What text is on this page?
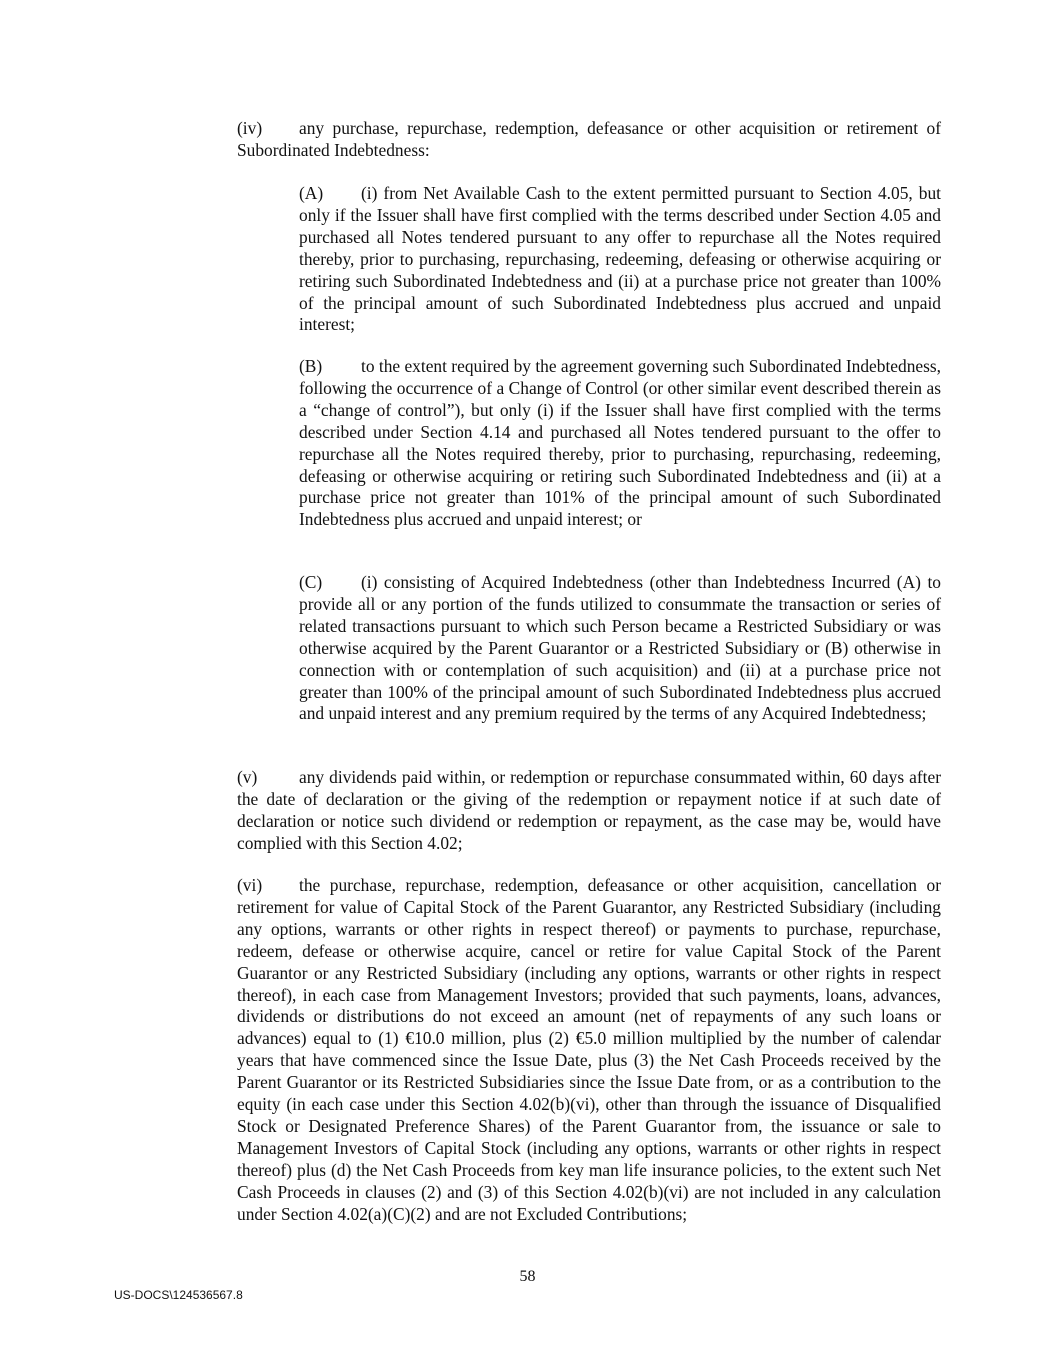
(iv) any purchase, repurchase, redemption, defeasance or other acquisition or retirement of Subordinated Indebtedness:

(A) (i) from Net Available Cash to the extent permitted pursuant to Section 4.05, but only if the Issuer shall have first complied with the terms described under Section 4.05 and purchased all Notes tendered pursuant to any offer to repurchase all the Notes required thereby, prior to purchasing, repurchasing, redeeming, defeasing or otherwise acquiring or retiring such Subordinated Indebtedness and (ii) at a purchase price not greater than 100% of the principal amount of such Subordinated Indebtedness plus accrued and unpaid interest;

(B) to the extent required by the agreement governing such Subordinated Indebtedness, following the occurrence of a Change of Control (or other similar event described therein as a “change of control”), but only (i) if the Issuer shall have first complied with the terms described under Section 4.14 and purchased all Notes tendered pursuant to the offer to repurchase all the Notes required thereby, prior to purchasing, repurchasing, redeeming, defeasing or otherwise acquiring or retiring such Subordinated Indebtedness and (ii) at a purchase price not greater than 101% of the principal amount of such Subordinated Indebtedness plus accrued and unpaid interest; or

(C) (i) consisting of Acquired Indebtedness (other than Indebtedness Incurred (A) to provide all or any portion of the funds utilized to consummate the transaction or series of related transactions pursuant to which such Person became a Restricted Subsidiary or was otherwise acquired by the Parent Guarantor or a Restricted Subsidiary or (B) otherwise in connection with or contemplation of such acquisition) and (ii) at a purchase price not greater than 100% of the principal amount of such Subordinated Indebtedness plus accrued and unpaid interest and any premium required by the terms of any Acquired Indebtedness;

(v) any dividends paid within, or redemption or repurchase consummated within, 60 days after the date of declaration or the giving of the redemption or repayment notice if at such date of declaration or notice such dividend or redemption or repayment, as the case may be, would have complied with this Section 4.02;

(vi) the purchase, repurchase, redemption, defeasance or other acquisition, cancellation or retirement for value of Capital Stock of the Parent Guarantor, any Restricted Subsidiary (including any options, warrants or other rights in respect thereof) or payments to purchase, repurchase, redeem, defease or otherwise acquire, cancel or retire for value Capital Stock of the Parent Guarantor or any Restricted Subsidiary (including any options, warrants or other rights in respect thereof), in each case from Management Investors; provided that such payments, loans, advances, dividends or distributions do not exceed an amount (net of repayments of any such loans or advances) equal to (1) €10.0 million, plus (2) €5.0 million multiplied by the number of calendar years that have commenced since the Issue Date, plus (3) the Net Cash Proceeds received by the Parent Guarantor or its Restricted Subsidiaries since the Issue Date from, or as a contribution to the equity (in each case under this Section 4.02(b)(vi), other than through the issuance of Disqualified Stock or Designated Preference Shares) of the Parent Guarantor from, the issuance or sale to Management Investors of Capital Stock (including any options, warrants or other rights in respect thereof) plus (d) the Net Cash Proceeds from key man life insurance policies, to the extent such Net Cash Proceeds in clauses (2) and (3) of this Section 4.02(b)(vi) are not included in any calculation under Section 4.02(a)(C)(2) and are not Excluded Contributions;

58
US-DOCS\124536567.8
